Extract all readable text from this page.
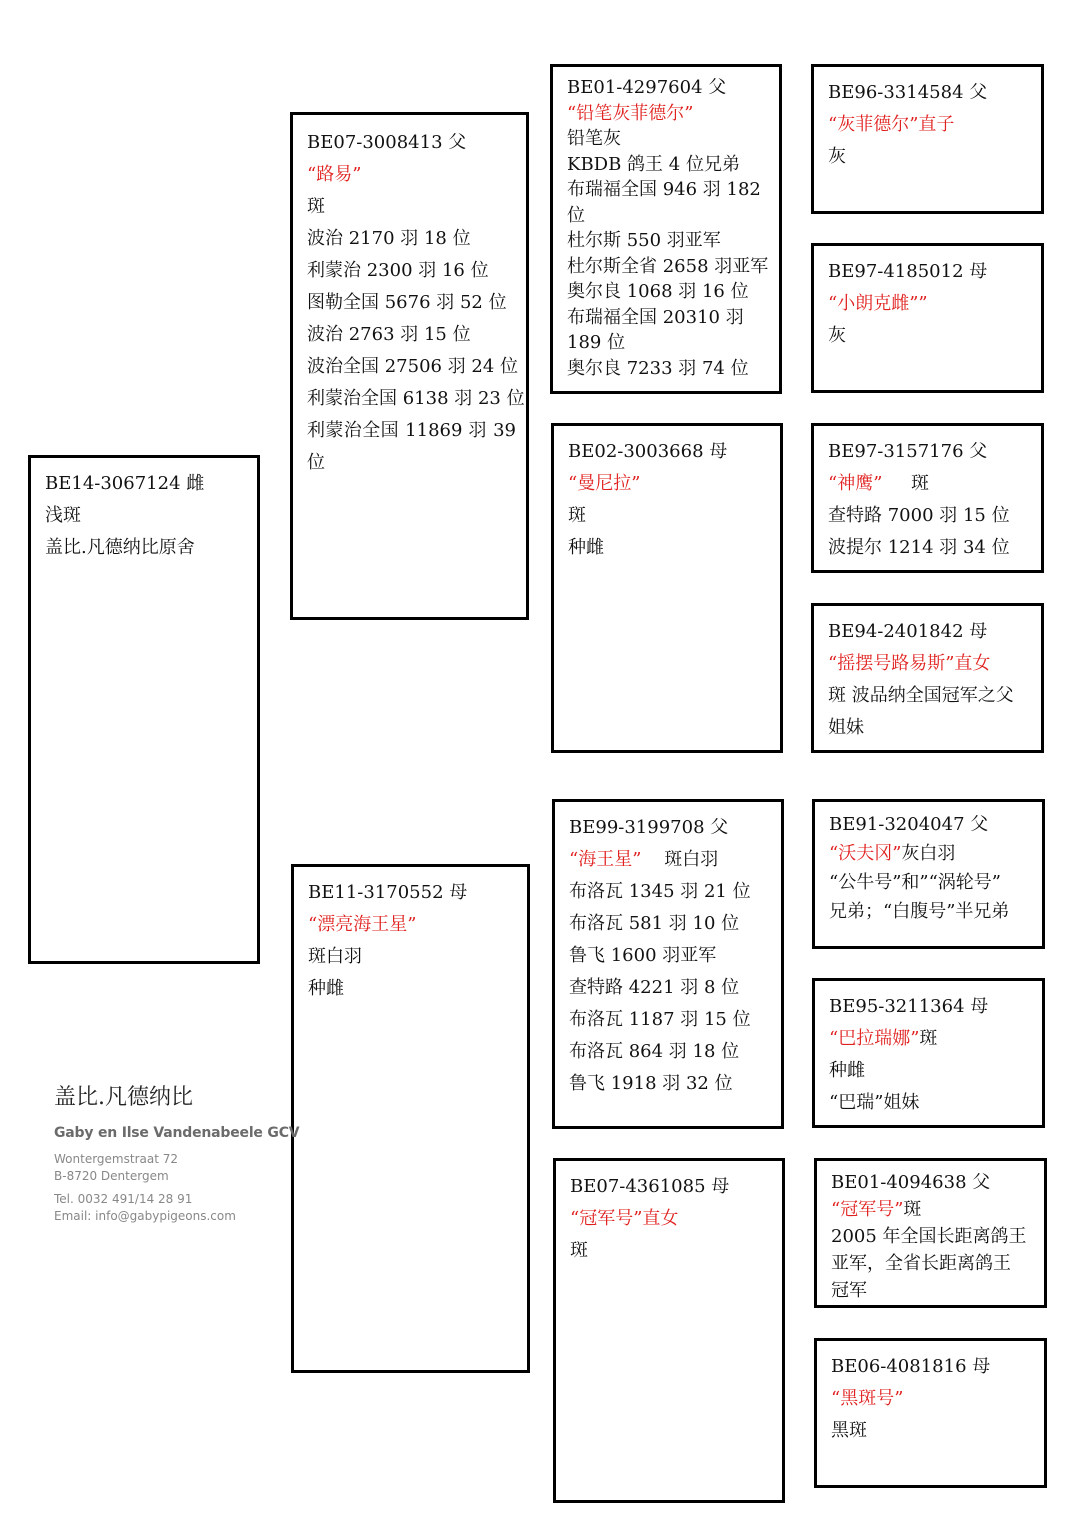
BE14-3067124 雌
浅斑
盖比.凡德纳比原舍
BE07-3008413 父
“路易”
斑
波治 2170 羽 18 位
利蒙治 2300 羽 16 位
图勒全国 5676 羽 52 位
波治 2763 羽 15 位
波治全国 27506 羽 24 位
利蒙治全国 6138 羽 23 位
利蒙治全国 11869 羽 39 位
BE11-3170552 母
“漂亮海王星”
斑白羽
种雌
BE01-4297604 父
“铅笔灰菲德尔”
铅笔灰
KBDB 鸽王 4 位兄弟
布瑞福全国 946 羽 182 位
杜尔斯 550 羽亚军
杜尔斯全省 2658 羽亚军
奥尔良 1068 羽 16 位
布瑞福全国 20310 羽 189 位
奥尔良 7233 羽 74 位
BE02-3003668 母
“曼尼拉”
斑
种雌
BE99-3199708 父
“海王星”    斑白羽
布洛瓦 1345 羽 21 位
布洛瓦 581 羽 10 位
鲁飞 1600 羽亚军
查特路 4221 羽 8 位
布洛瓦 1187 羽 15 位
布洛瓦 864 羽 18 位
鲁飞 1918 羽 32 位
BE07-4361085 母
“冠军号”直女
斑
BE96-3314584 父
“灰菲德尔”直子
灰
BE97-4185012 母
“小朗克雌””
灰
BE97-3157176 父
“神鹰”     斑
查特路 7000 羽 15 位
波提尔 1214 羽 34 位
BE94-2401842 母
“摇摆号路易斯”直女
斑 波品纳全国冠军之父姐妹
BE91-3204047 父
“沃夫冈”灰白羽
“公牛号”和”“涡轮号”
兄弟；“白腹号”半兄弟
BE95-3211364 母
“巴拉瑞娜”斑
种雌
“巴瑞”姐妹
BE01-4094638 父
“冠军号”斑
2005 年全国长距离鸽王
亚军，全省长距离鸽王
冠军
BE06-4081816 母
“黑斑号”
黑斑
盖比.凡德纳比
Gaby en Ilse Vandenabeele GCV
Wontergemstraat 72
B-8720 Dentergem
Tel. 0032 491/14 28 91
Email: info@gabypigeons.com
